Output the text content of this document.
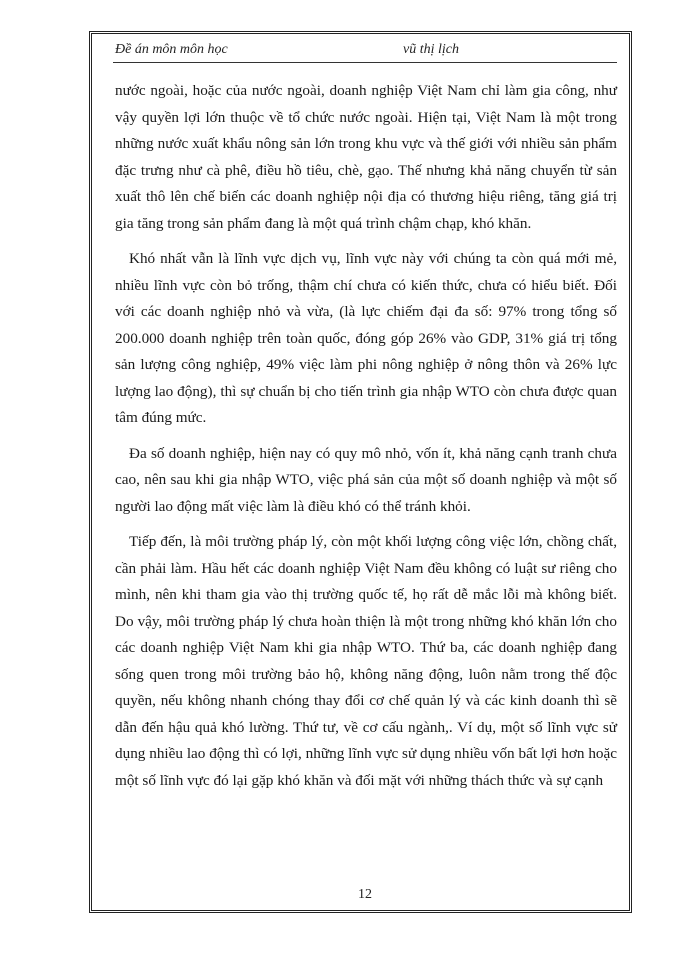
Đề án môn môn học	vũ thị lịch

nước ngoài, hoặc của nước ngoài, doanh nghiệp Việt Nam chỉ làm gia công, như vậy quyền lợi lớn thuộc về tổ chức nước ngoài. Hiện tại, Việt Nam là một trong những nước xuất khẩu nông sản lớn trong khu vực và thế giới với nhiều sản phẩm đặc trưng như cà phê, điều hồ tiêu, chè, gạo. Thế nhưng khả năng chuyển từ sản xuất thô lên chế biến các doanh nghiệp nội địa có thương hiệu riêng, tăng giá trị gia tăng trong sản phẩm đang là một quá trình chậm chạp, khó khăn.

Khó nhất vẫn là lĩnh vực dịch vụ, lĩnh vực này với chúng ta còn quá mới mẻ, nhiều lĩnh vực còn bỏ trống, thậm chí chưa có kiến thức, chưa có hiểu biết. Đối với các doanh nghiệp nhỏ và vừa, (là lực chiếm đại đa số: 97% trong tổng số 200.000 doanh nghiệp trên toàn quốc, đóng góp 26% vào GDP, 31% giá trị tổng sản lượng công nghiệp, 49% việc làm phi nông nghiệp ở nông thôn và 26% lực lượng lao động), thì sự chuẩn bị cho tiến trình gia nhập WTO còn chưa được quan tâm đúng mức.

Đa số doanh nghiệp, hiện nay có quy mô nhỏ, vốn ít, khả năng cạnh tranh chưa cao, nên sau khi gia nhập WTO, việc phá sản của một số doanh nghiệp và một số người lao động mất việc làm là điều khó có thể tránh khỏi.

Tiếp đến, là môi trường pháp lý, còn một khối lượng công việc lớn, chồng chất, cần phải làm. Hầu hết các doanh nghiệp Việt Nam đều không có luật sư riêng cho mình, nên khi tham gia vào thị trường quốc tế, họ rất dễ mắc lỗi mà không biết. Do vậy, môi trường pháp lý chưa hoàn thiện là một trong những khó khăn lớn cho các doanh nghiệp Việt Nam khi gia nhập WTO. Thứ ba, các doanh nghiệp đang sống quen trong môi trường bảo hộ, không năng động, luôn nằm trong thế độc quyền, nếu không nhanh chóng thay đổi cơ chế quản lý và các kinh doanh thì sẽ dẫn đến hậu quả khó lường. Thứ tư, về cơ cấu ngành,. Ví dụ, một số lĩnh vực sử dụng nhiều lao động thì có lợi, những lĩnh vực sử dụng nhiều vốn bất lợi hơn hoặc một số lĩnh vực đó lại gặp khó khăn và đối mặt với những thách thức và sự cạnh

12
